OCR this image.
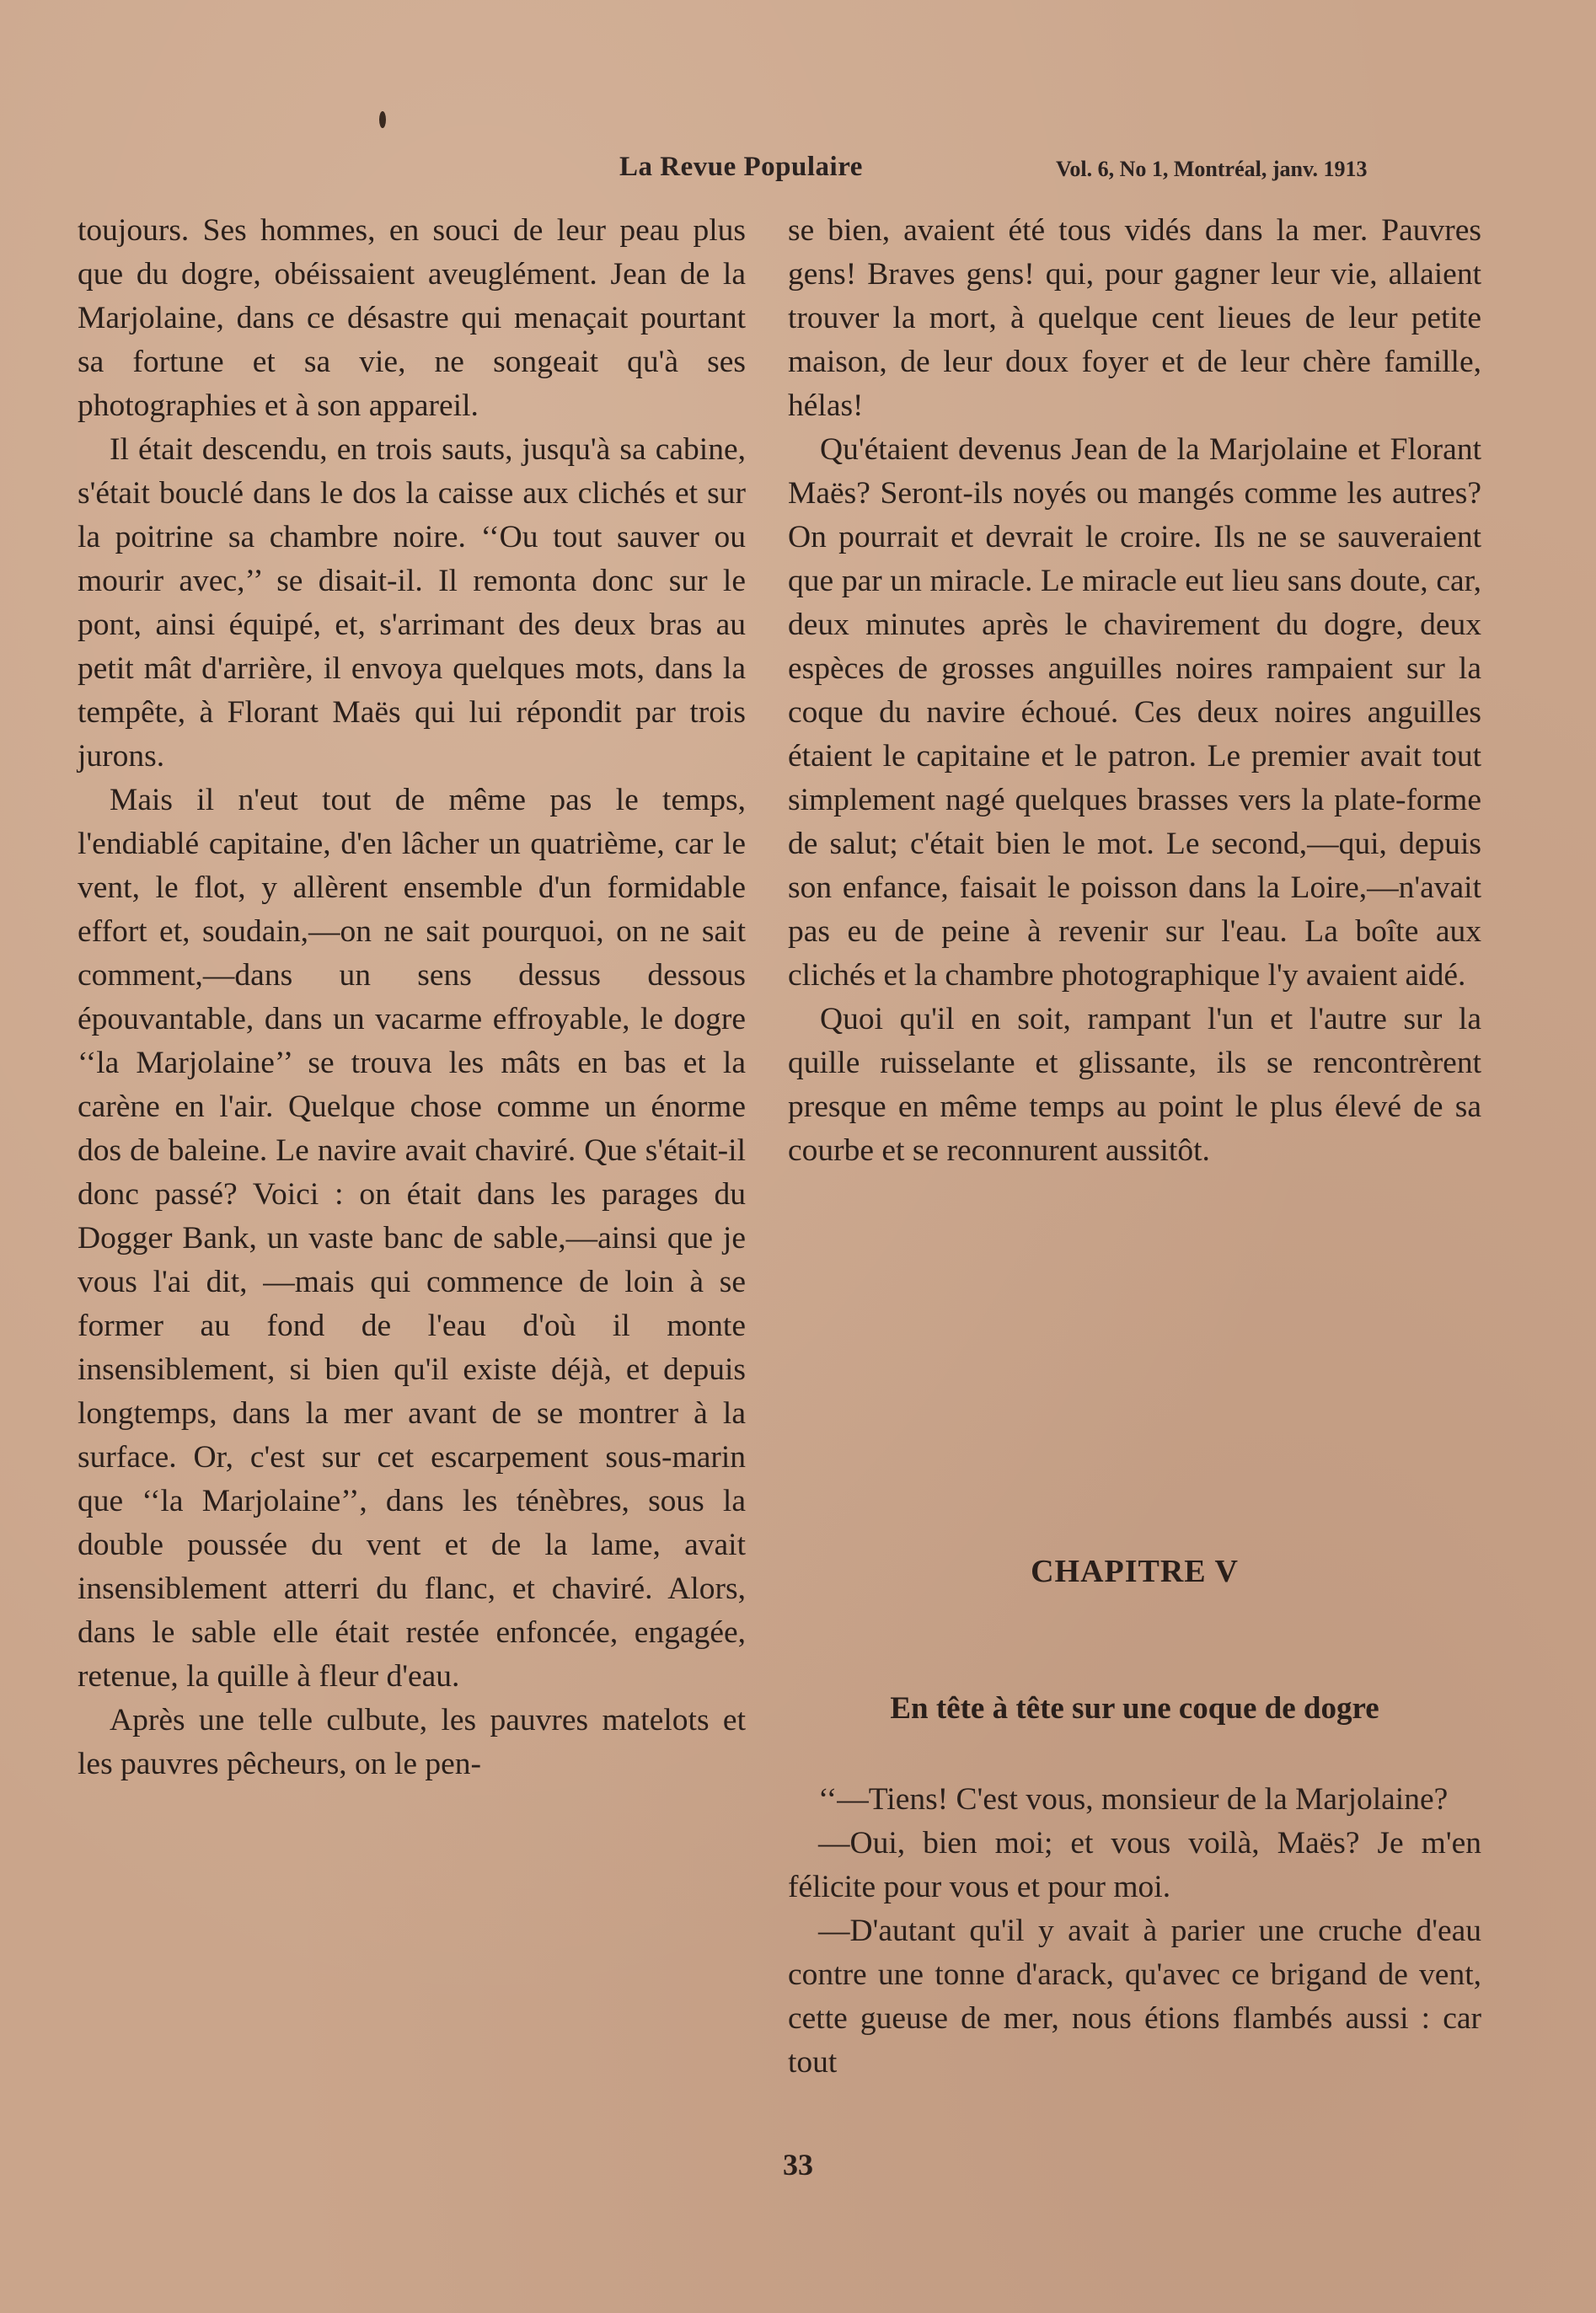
La Revue Populaire	Vol. 6, No 1, Montréal, janv. 1913

toujours. Ses hommes, en souci de leur peau plus que du dogre, obéissaient aveuglément. Jean de la Marjolaine, dans ce désastre qui menaçait pourtant sa fortune et sa vie, ne songeait qu'à ses photographies et à son appareil.

Il était descendu, en trois sauts, jusqu'à sa cabine, s'était bouclé dans le dos la caisse aux clichés et sur la poitrine sa chambre noire. ‘‘Ou tout sauver ou mourir avec,’’ se disait-il. Il remonta donc sur le pont, ainsi équipé, et, s'arrimant des deux bras au petit mât d'arrière, il envoya quelques mots, dans la tempête, à Florant Maës qui lui répondit par trois jurons.

Mais il n'eut tout de même pas le temps, l'endiablé capitaine, d'en lâcher un quatrième, car le vent, le flot, y allèrent ensemble d'un formidable effort et, soudain,—on ne sait pourquoi, on ne sait comment,—dans un sens dessus dessous épouvantable, dans un vacarme effroyable, le dogre ‘‘la Marjolaine’’ se trouva les mâts en bas et la carène en l'air. Quelque chose comme un énorme dos de baleine. Le navire avait chaviré. Que s'était-il donc passé? Voici : on était dans les parages du Dogger Bank, un vaste banc de sable,—ainsi que je vous l'ai dit, —mais qui commence de loin à se former au fond de l'eau d'où il monte insensiblement, si bien qu'il existe déjà, et depuis longtemps, dans la mer avant de se montrer à la surface. Or, c'est sur cet escarpement sous-marin que ‘‘la Marjolaine’’, dans les ténèbres, sous la double poussée du vent et de la lame, avait insensiblement atterri du flanc, et chaviré. Alors, dans le sable elle était restée enfoncée, engagée, retenue, la quille à fleur d'eau.

Après une telle culbute, les pauvres matelots et les pauvres pêcheurs, on le pen-

se bien, avaient été tous vidés dans la mer. Pauvres gens! Braves gens! qui, pour gagner leur vie, allaient trouver la mort, à quelque cent lieues de leur petite maison, de leur doux foyer et de leur chère famille, hélas!

Qu'étaient devenus Jean de la Marjolaine et Florant Maës? Seront-ils noyés ou mangés comme les autres? On pourrait et devrait le croire. Ils ne se sauveraient que par un miracle. Le miracle eut lieu sans doute, car, deux minutes après le chavirement du dogre, deux espèces de grosses anguilles noires rampaient sur la coque du navire échoué. Ces deux noires anguilles étaient le capitaine et le patron. Le premier avait tout simplement nagé quelques brasses vers la plate-forme de salut; c'était bien le mot. Le second,—qui, depuis son enfance, faisait le poisson dans la Loire,—n'avait pas eu de peine à revenir sur l'eau. La boîte aux clichés et la chambre photographique l'y avaient aidé.

Quoi qu'il en soit, rampant l'un et l'autre sur la quille ruisselante et glissante, ils se rencontrèrent presque en même temps au point le plus élevé de sa courbe et se reconnurent aussitôt.

CHAPITRE V
En tête à tête sur une coque de dogre

‘‘—Tiens! C'est vous, monsieur de la Marjolaine?

—Oui, bien moi; et vous voilà, Maës? Je m'en félicite pour vous et pour moi.

—D'autant qu'il y avait à parier une cruche d'eau contre une tonne d'arack, qu'avec ce brigand de vent, cette gueuse de mer, nous étions flambés aussi : car tout

33
